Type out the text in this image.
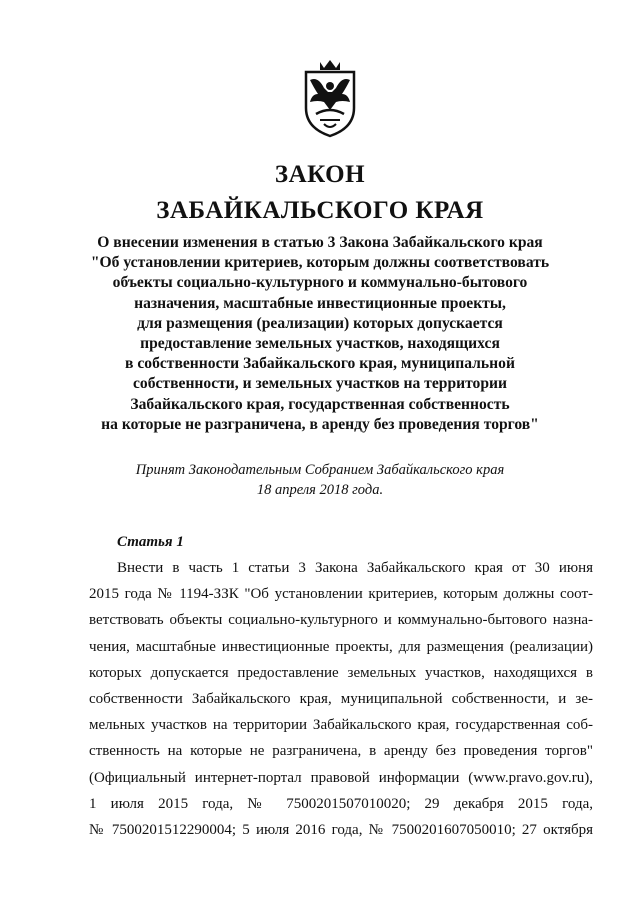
ЗАКОН
ЗАБАЙКАЛЬСКОГО КРАЯ
О внесении изменения в статью 3 Закона Забайкальского края
"Об установлении критериев, которым должны соответствовать
объекты социально-культурного и коммунально-бытового
назначения, масштабные инвестиционные проекты,
для размещения (реализации) которых допускается
предоставление земельных участков, находящихся
в собственности Забайкальского края, муниципальной
собственности, и земельных участков на территории
Забайкальского края, государственная собственность
на которые не разграничена, в аренду без проведения торгов"
Принят Законодательным Собранием Забайкальского края
18 апреля 2018 года.
Статья 1
Внести в часть 1 статьи 3 Закона Забайкальского края от 30 июня
2015 года № 1194-ЗЗК "Об установлении критериев, которым должны соот-
ветствовать объекты социально-культурного и коммунально-бытового назна-
чения, масштабные инвестиционные проекты, для размещения (реализации)
которых допускается предоставление земельных участков, находящихся в
собственности Забайкальского края, муниципальной собственности, и зе-
мельных участков на территории Забайкальского края, государственная соб-
ственность на которые не разграничена, в аренду без проведения торгов"
(Официальный интернет-портал правовой информации (www.pravo.gov.ru),
1 июля 2015 года, № 7500201507010020; 29 декабря 2015 года,
№ 7500201512290004; 5 июля 2016 года, № 7500201607050010; 27 октября
